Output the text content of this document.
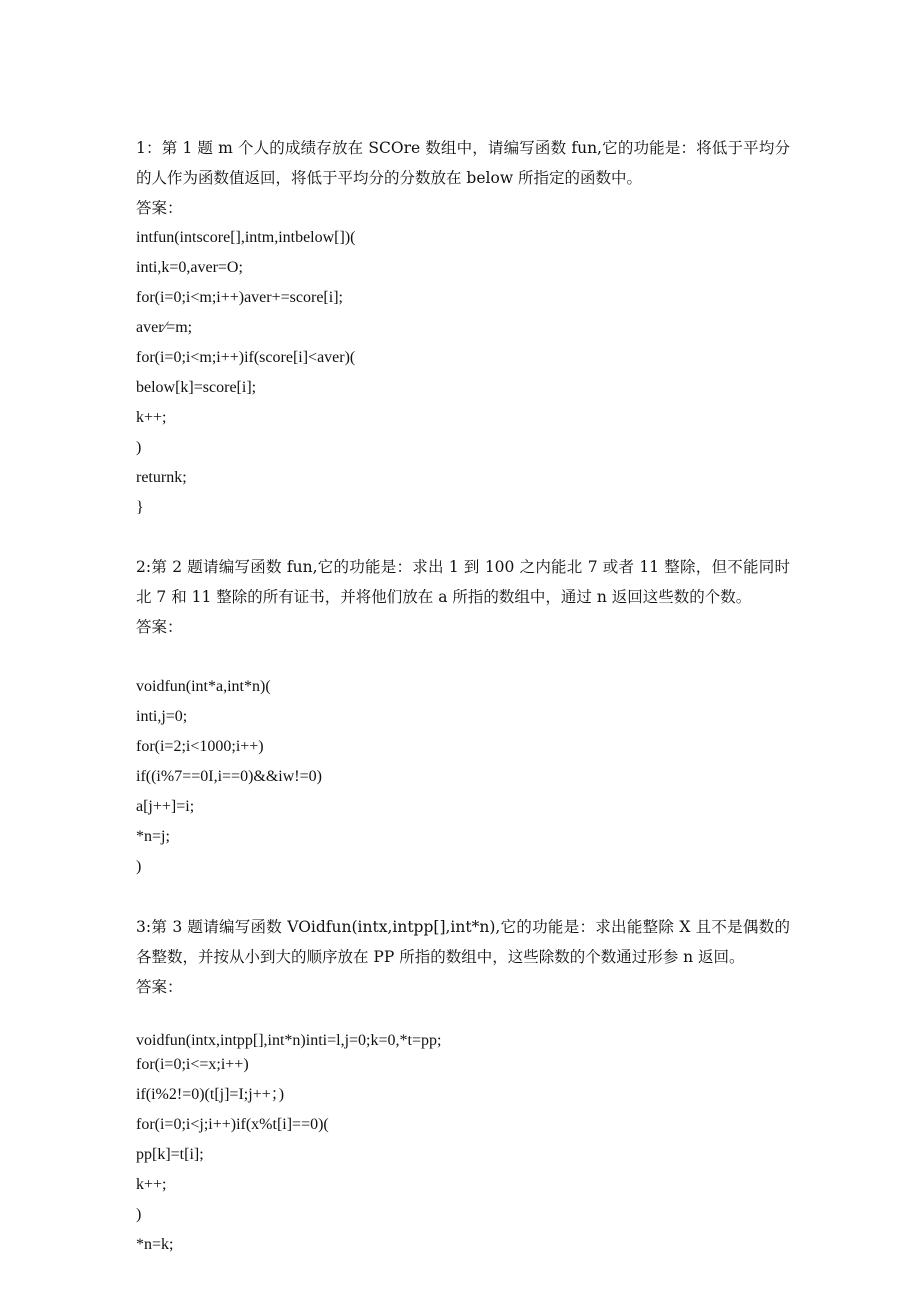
1：第 1 题 m 个人的成绩存放在 SCOre 数组中，请编写函数 fun,它的功能是：将低于平均分的人作为函数值返回，将低于平均分的分数放在 below 所指定的函数中。

答案：

intfun(intscore[],intm,intbelow[])(
inti,k=0,aver=O;
for(i=0;i<m;i++)aver+=score[i];
aver⁄=m;
for(i=0;i<m;i++)if(score[i]<aver)(
below[k]=score[i];
k++;
)
returnk;
}

2:第 2 题请编写函数 fun,它的功能是：求出 1 到 100 之内能北 7 或者 11 整除，但不能同时北 7 和 11 整除的所有证书，并将他们放在 a 所指的数组中，通过 n 返回这些数的个数。

答案：

voidfun(int*a,int*n)(
inti,j=0;
for(i=2;i<1000;i++)
if((i%7==0I,i==0)&&iw!=0)
a[j++]=i;
*n=j;
)

3:第 3 题请编写函数 VOidfun(intx,intpp[],int*n),它的功能是：求出能整除 X 且不是偶数的各整数，并按从小到大的顺序放在 PP 所指的数组中，这些除数的个数通过形参 n 返回。

答案：

voidfun(intx,intpp[],int*n)inti=l,j=0;k=0,*t=pp;
for(i=0;i<=x;i++)
if(i%2!=0)(t[j]=I;j++；)
for(i=0;i<j;i++)if(x%t[i]==0)(
pp[k]=t[i];
k++;
)
*n=k;
